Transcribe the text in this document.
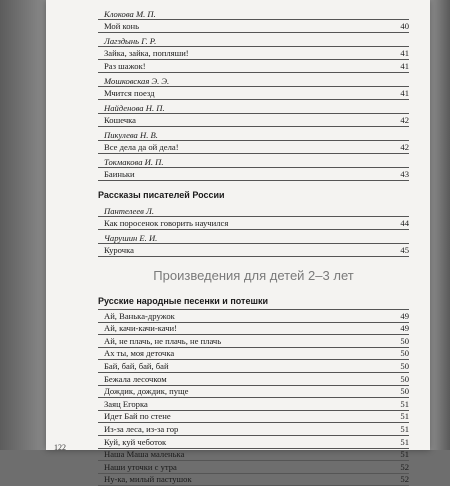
Клокова М. П.
Мой конь	40
Лагздынь Г. Р.
Зайка, зайка, попляши!	41
Раз шажок!	41
Мошковская Э. Э.
Мчится поезд	41
Найденова Н. П.
Кошечка	42
Пикулева Н. В.
Все дела да ой дела!	42
Токмакова И. П.
Баиньки	43
Рассказы писателей России
Пантелеев Л.
Как поросенок говорить научился	44
Чарушин Е. И.
Курочка	45
Произведения для детей 2–3 лет
Русские народные песенки и потешки
Ай, Ванька-дружок	49
Ай, качи-качи-качи!	49
Ай, не плачь, не плачь, не плачь	50
Ах ты, моя деточка	50
Бай, бай, бай, бай	50
Бежала лесочком	50
Дождик, дождик, пуще	50
Заяц Егорка	51
Идет Бай по стене	51
Из-за леса, из-за гор	51
Куй, куй чеботок	51
Наша Маша маленька	51
Наши уточки с утра	52
Ну-ка, милый пастушок	52
122
